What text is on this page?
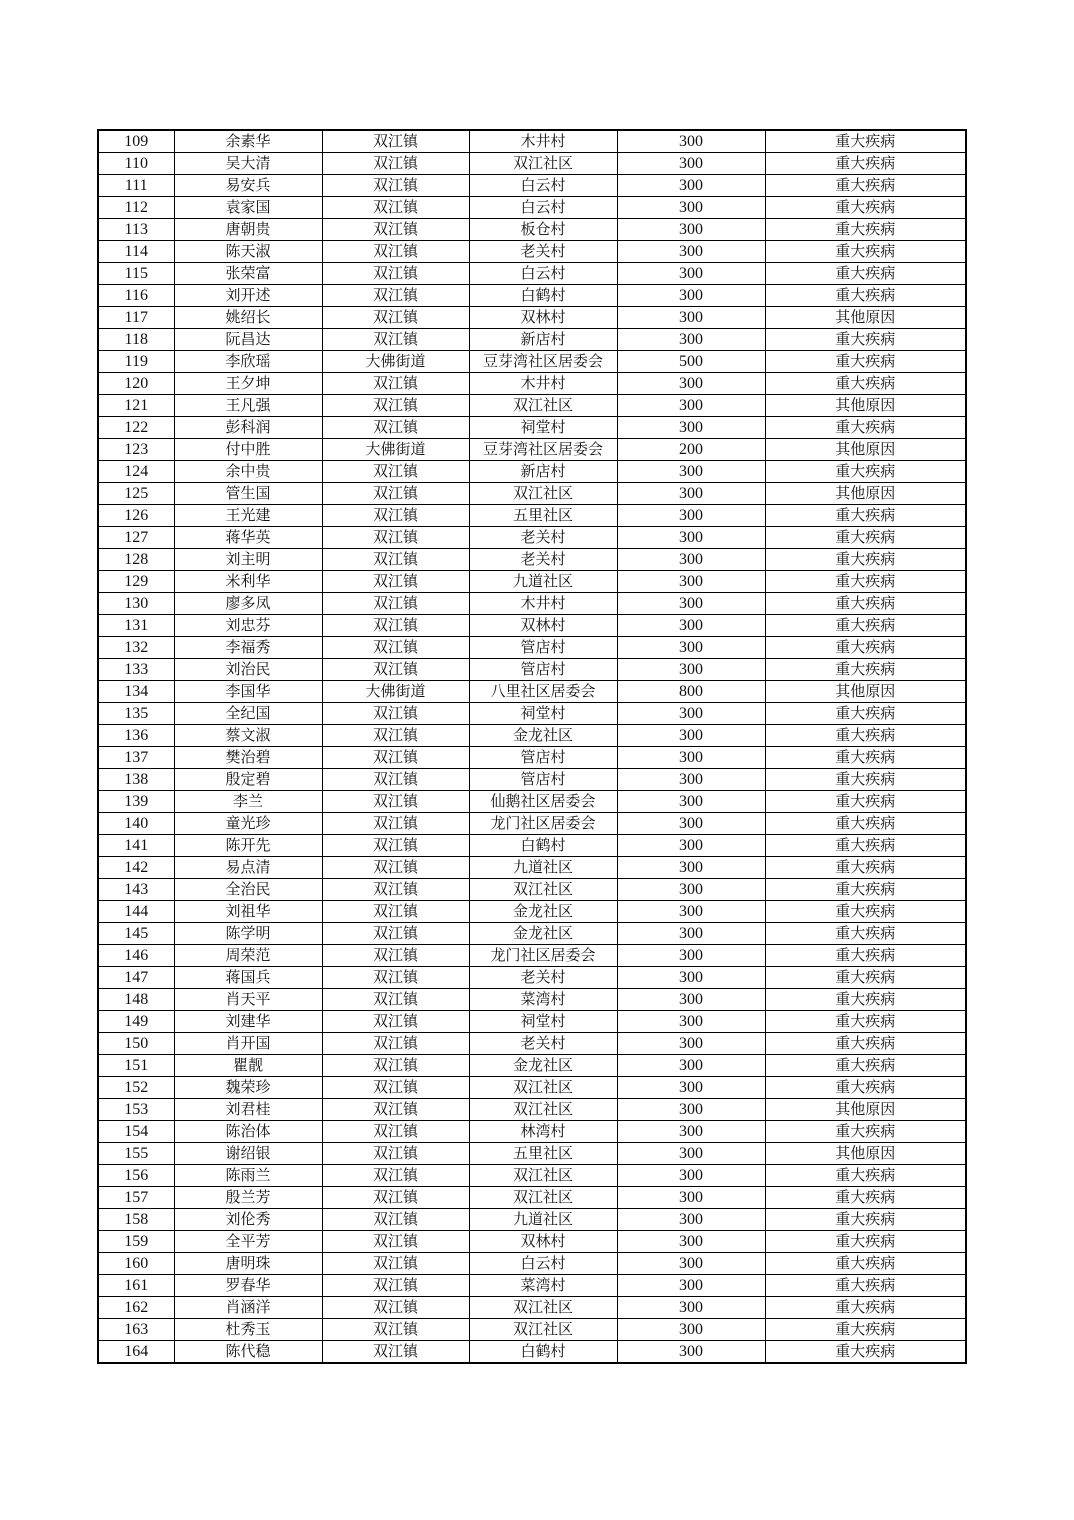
109	余素华	双江镇	木井村	300	重大疾病
110	吴大清	双江镇	双江社区	300	重大疾病
111	易安兵	双江镇	白云村	300	重大疾病
112	袁家国	双江镇	白云村	300	重大疾病
113	唐朝贵	双江镇	板仓村	300	重大疾病
114	陈天淑	双江镇	老关村	300	重大疾病
115	张荣富	双江镇	白云村	300	重大疾病
116	刘开述	双江镇	白鹤村	300	重大疾病
117	姚绍长	双江镇	双林村	300	其他原因
118	阮昌达	双江镇	新店村	300	重大疾病
119	李欣瑶	大佛街道	豆芽湾社区居委会	500	重大疾病
120	王夕坤	双江镇	木井村	300	重大疾病
121	王凡强	双江镇	双江社区	300	其他原因
122	彭科润	双江镇	祠堂村	300	重大疾病
123	付中胜	大佛街道	豆芽湾社区居委会	200	其他原因
124	余中贵	双江镇	新店村	300	重大疾病
125	管生国	双江镇	双江社区	300	其他原因
126	王光建	双江镇	五里社区	300	重大疾病
127	蒋华英	双江镇	老关村	300	重大疾病
128	刘主明	双江镇	老关村	300	重大疾病
129	米利华	双江镇	九道社区	300	重大疾病
130	廖多凤	双江镇	木井村	300	重大疾病
131	刘忠芬	双江镇	双林村	300	重大疾病
132	李福秀	双江镇	管店村	300	重大疾病
133	刘治民	双江镇	管店村	300	重大疾病
134	李国华	大佛街道	八里社区居委会	800	其他原因
135	全纪国	双江镇	祠堂村	300	重大疾病
136	蔡文淑	双江镇	金龙社区	300	重大疾病
137	樊治碧	双江镇	管店村	300	重大疾病
138	殷定碧	双江镇	管店村	300	重大疾病
139	李兰	双江镇	仙鹅社区居委会	300	重大疾病
140	童光珍	双江镇	龙门社区居委会	300	重大疾病
141	陈开先	双江镇	白鹤村	300	重大疾病
142	易点清	双江镇	九道社区	300	重大疾病
143	全治民	双江镇	双江社区	300	重大疾病
144	刘祖华	双江镇	金龙社区	300	重大疾病
145	陈学明	双江镇	金龙社区	300	重大疾病
146	周荣范	双江镇	龙门社区居委会	300	重大疾病
147	蒋国兵	双江镇	老关村	300	重大疾病
148	肖天平	双江镇	菜湾村	300	重大疾病
149	刘建华	双江镇	祠堂村	300	重大疾病
150	肖开国	双江镇	老关村	300	重大疾病
151	瞿靓	双江镇	金龙社区	300	重大疾病
152	魏荣珍	双江镇	双江社区	300	重大疾病
153	刘君桂	双江镇	双江社区	300	其他原因
154	陈治体	双江镇	林湾村	300	重大疾病
155	谢绍银	双江镇	五里社区	300	其他原因
156	陈雨兰	双江镇	双江社区	300	重大疾病
157	殷兰芳	双江镇	双江社区	300	重大疾病
158	刘伦秀	双江镇	九道社区	300	重大疾病
159	全平芳	双江镇	双林村	300	重大疾病
160	唐明珠	双江镇	白云村	300	重大疾病
161	罗春华	双江镇	菜湾村	300	重大疾病
162	肖涵洋	双江镇	双江社区	300	重大疾病
163	杜秀玉	双江镇	双江社区	300	重大疾病
164	陈代稳	双江镇	白鹤村	300	重大疾病
